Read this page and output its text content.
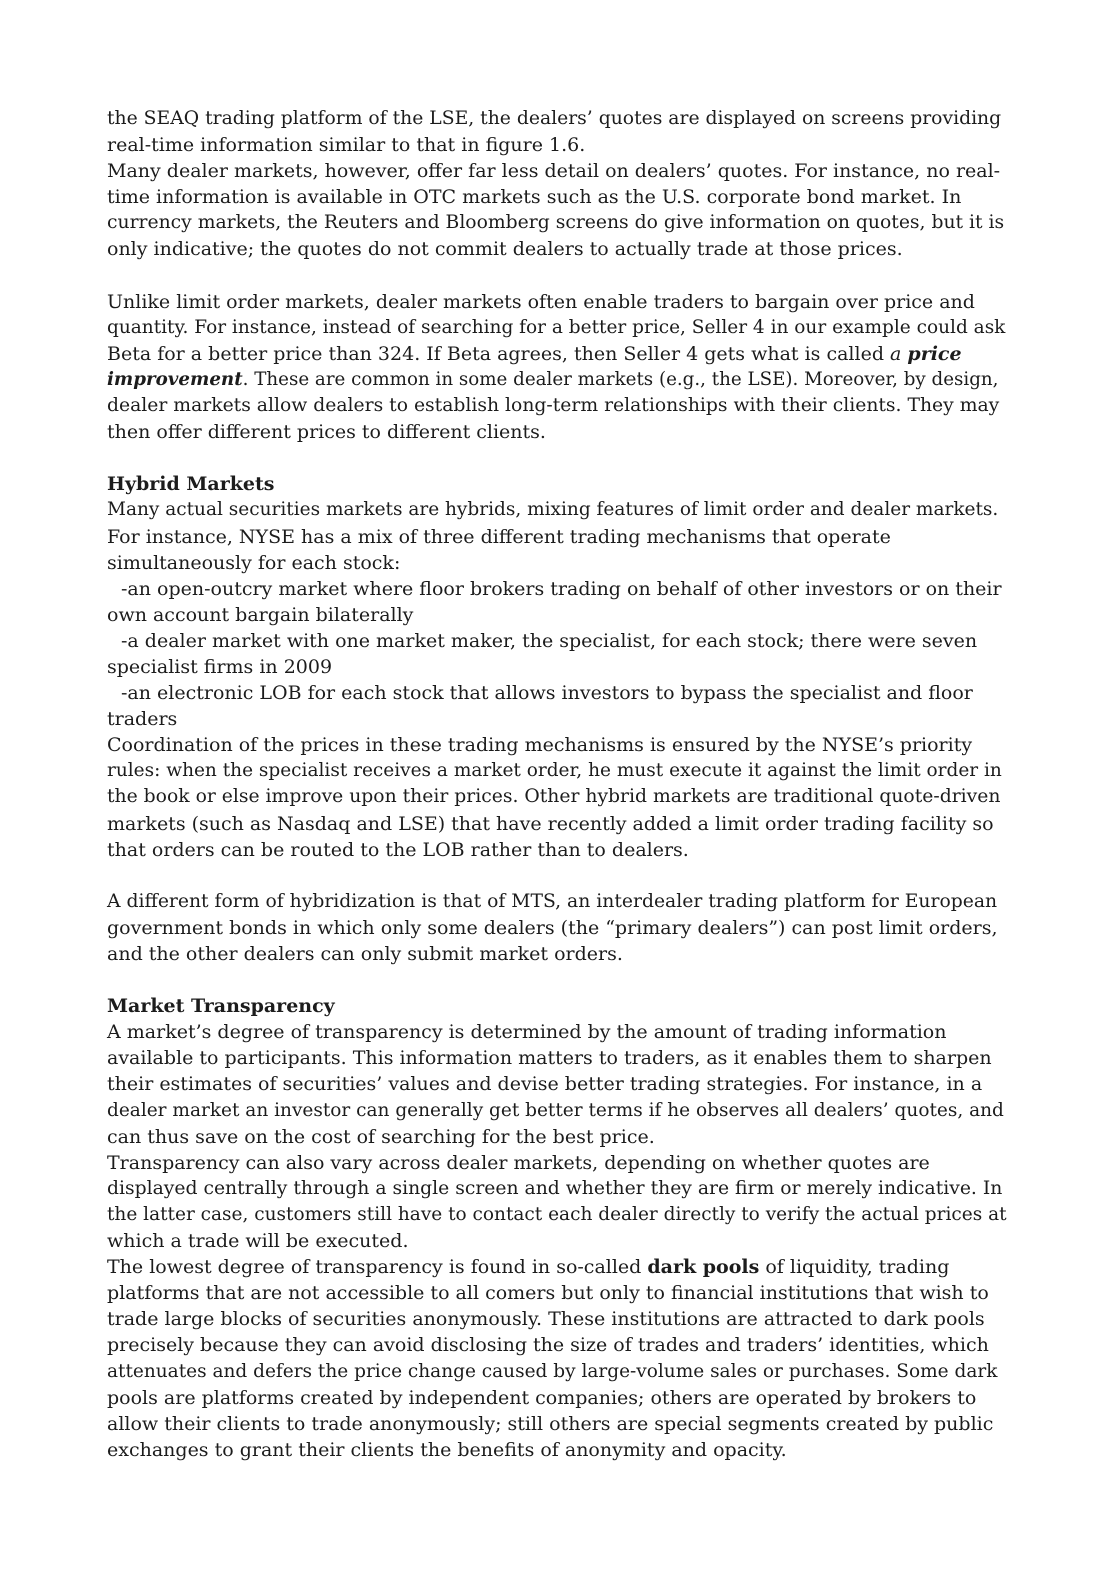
the SEAQ trading platform of the LSE, the dealers’ quotes are displayed on screens providing
real-time information similar to that in figure 1.6.
Many dealer markets, however, offer far less detail on dealers’ quotes. For instance, no real-
time information is available in OTC markets such as the U.S. corporate bond market. In
currency markets, the Reuters and Bloomberg screens do give information on quotes, but it is
only indicative; the quotes do not commit dealers to actually trade at those prices.
Unlike limit order markets, dealer markets often enable traders to bargain over price and
quantity. For instance, instead of searching for a better price, Seller 4 in our example could ask
Beta for a better price than 324. If Beta agrees, then Seller 4 gets what is called a price
improvement. These are common in some dealer markets (e.g., the LSE). Moreover, by design,
dealer markets allow dealers to establish long-term relationships with their clients. They may
then offer different prices to different clients.
Hybrid Markets
Many actual securities markets are hybrids, mixing features of limit order and dealer markets.
For instance, NYSE has a mix of three different trading mechanisms that operate
simultaneously for each stock:
-an open-outcry market where floor brokers trading on behalf of other investors or on their
own account bargain bilaterally
-a dealer market with one market maker, the specialist, for each stock; there were seven
specialist firms in 2009
-an electronic LOB for each stock that allows investors to bypass the specialist and floor
traders
Coordination of the prices in these trading mechanisms is ensured by the NYSE’s priority
rules: when the specialist receives a market order, he must execute it against the limit order in
the book or else improve upon their prices. Other hybrid markets are traditional quote-driven
markets (such as Nasdaq and LSE) that have recently added a limit order trading facility so
that orders can be routed to the LOB rather than to dealers.
A different form of hybridization is that of MTS, an interdealer trading platform for European
government bonds in which only some dealers (the “primary dealers”) can post limit orders,
and the other dealers can only submit market orders.
Market Transparency
A market’s degree of transparency is determined by the amount of trading information
available to participants. This information matters to traders, as it enables them to sharpen
their estimates of securities’ values and devise better trading strategies. For instance, in a
dealer market an investor can generally get better terms if he observes all dealers’ quotes, and
can thus save on the cost of searching for the best price.
Transparency can also vary across dealer markets, depending on whether quotes are
displayed centrally through a single screen and whether they are firm or merely indicative. In
the latter case, customers still have to contact each dealer directly to verify the actual prices at
which a trade will be executed.
The lowest degree of transparency is found in so-called dark pools of liquidity, trading
platforms that are not accessible to all comers but only to financial institutions that wish to
trade large blocks of securities anonymously. These institutions are attracted to dark pools
precisely because they can avoid disclosing the size of trades and traders’ identities, which
attenuates and defers the price change caused by large-volume sales or purchases. Some dark
pools are platforms created by independent companies; others are operated by brokers to
allow their clients to trade anonymously; still others are special segments created by public
exchanges to grant their clients the benefits of anonymity and opacity.
